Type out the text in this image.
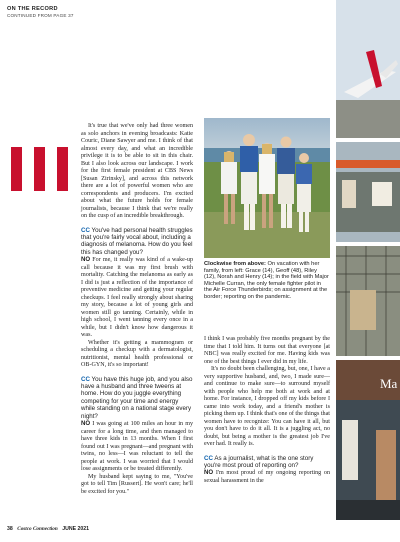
ON THE RECORD
CONTINUED FROM PAGE 37

It's true that we've only had three women as solo anchors in evening broadcasts: Katie Couric, Diane Sawyer and me. I think of that almost every day, and what an incredible privilege it is to be able to sit in this chair. But I also look across our landscape. I work for the first female president at CBS News [Susan Zirinsky], and across this network there are a lot of powerful women who are correspondents and producers. I'm excited about what the future holds for female journalists, because I think that we're really on the cusp of an incredible breakthrough.

CC You've had personal health struggles that you're fairly vocal about, including a diagnosis of melanoma. How do you feel this has changed you?

NO For me, it really was kind of a wake-up call because it was my first brush with mortality. Catching the melanoma as early as I did is just a reflection of the importance of preventive medicine and getting your regular checkups. I feel really strongly about sharing my story, because a lot of young girls and women still go tanning. Certainly, while in high school, I went tanning every once in a while, but I didn't know how dangerous it was.

Whether it's getting a mammogram or scheduling a checkup with a dermatologist, nutritionist, mental health professional or OB-GYN, it's so important!

CC You have this huge job, and you also have a husband and three tweens at home. How do you juggle everything competing for your time and energy while standing on a national stage every night?

NO I was going at 100 miles an hour in my career for a long time, and then managed to have three kids in 13 months. When I first found out I was pregnant—and pregnant with twins, no less—I was reluctant to tell the people at work. I was worried that I would lose assignments or be treated differently.

My husband kept saying to me, "You've got to tell Tim [Russert]. He won't care; he'll be excited for you."

Clockwise from above: On vacation with her family, from left: Grace (14), Geoff (48), Riley (12), Norah and Henry (14); in the field with Major Michelle Curran, the only female fighter pilot in the Air Force Thunderbirds; on assignment at the border; reporting on the pandemic.

I think I was probably five months pregnant by the time that I told him. It turns out that everyone [at NBC] was really excited for me. Having kids was one of the best things I ever did in my life.

It's no doubt been challenging, but, one, I have a very supportive husband, and, two, I made sure—and continue to make sure—to surround myself with people who help me both at work and at home. For instance, I dropped off my kids before I came into work today, and a friend's mother is picking them up. I think that's one of the things that women have to recognize: You can have it all, but you don't have to do it all. It is a juggling act, no doubt, but being a mother is the greatest job I've ever had. It really is.

CC As a journalist, what is the one story you're most proud of reporting on?

NO I'm most proud of my ongoing reporting on sexual harassment in the

Ma
38 Costco Connection JUNE 2021
